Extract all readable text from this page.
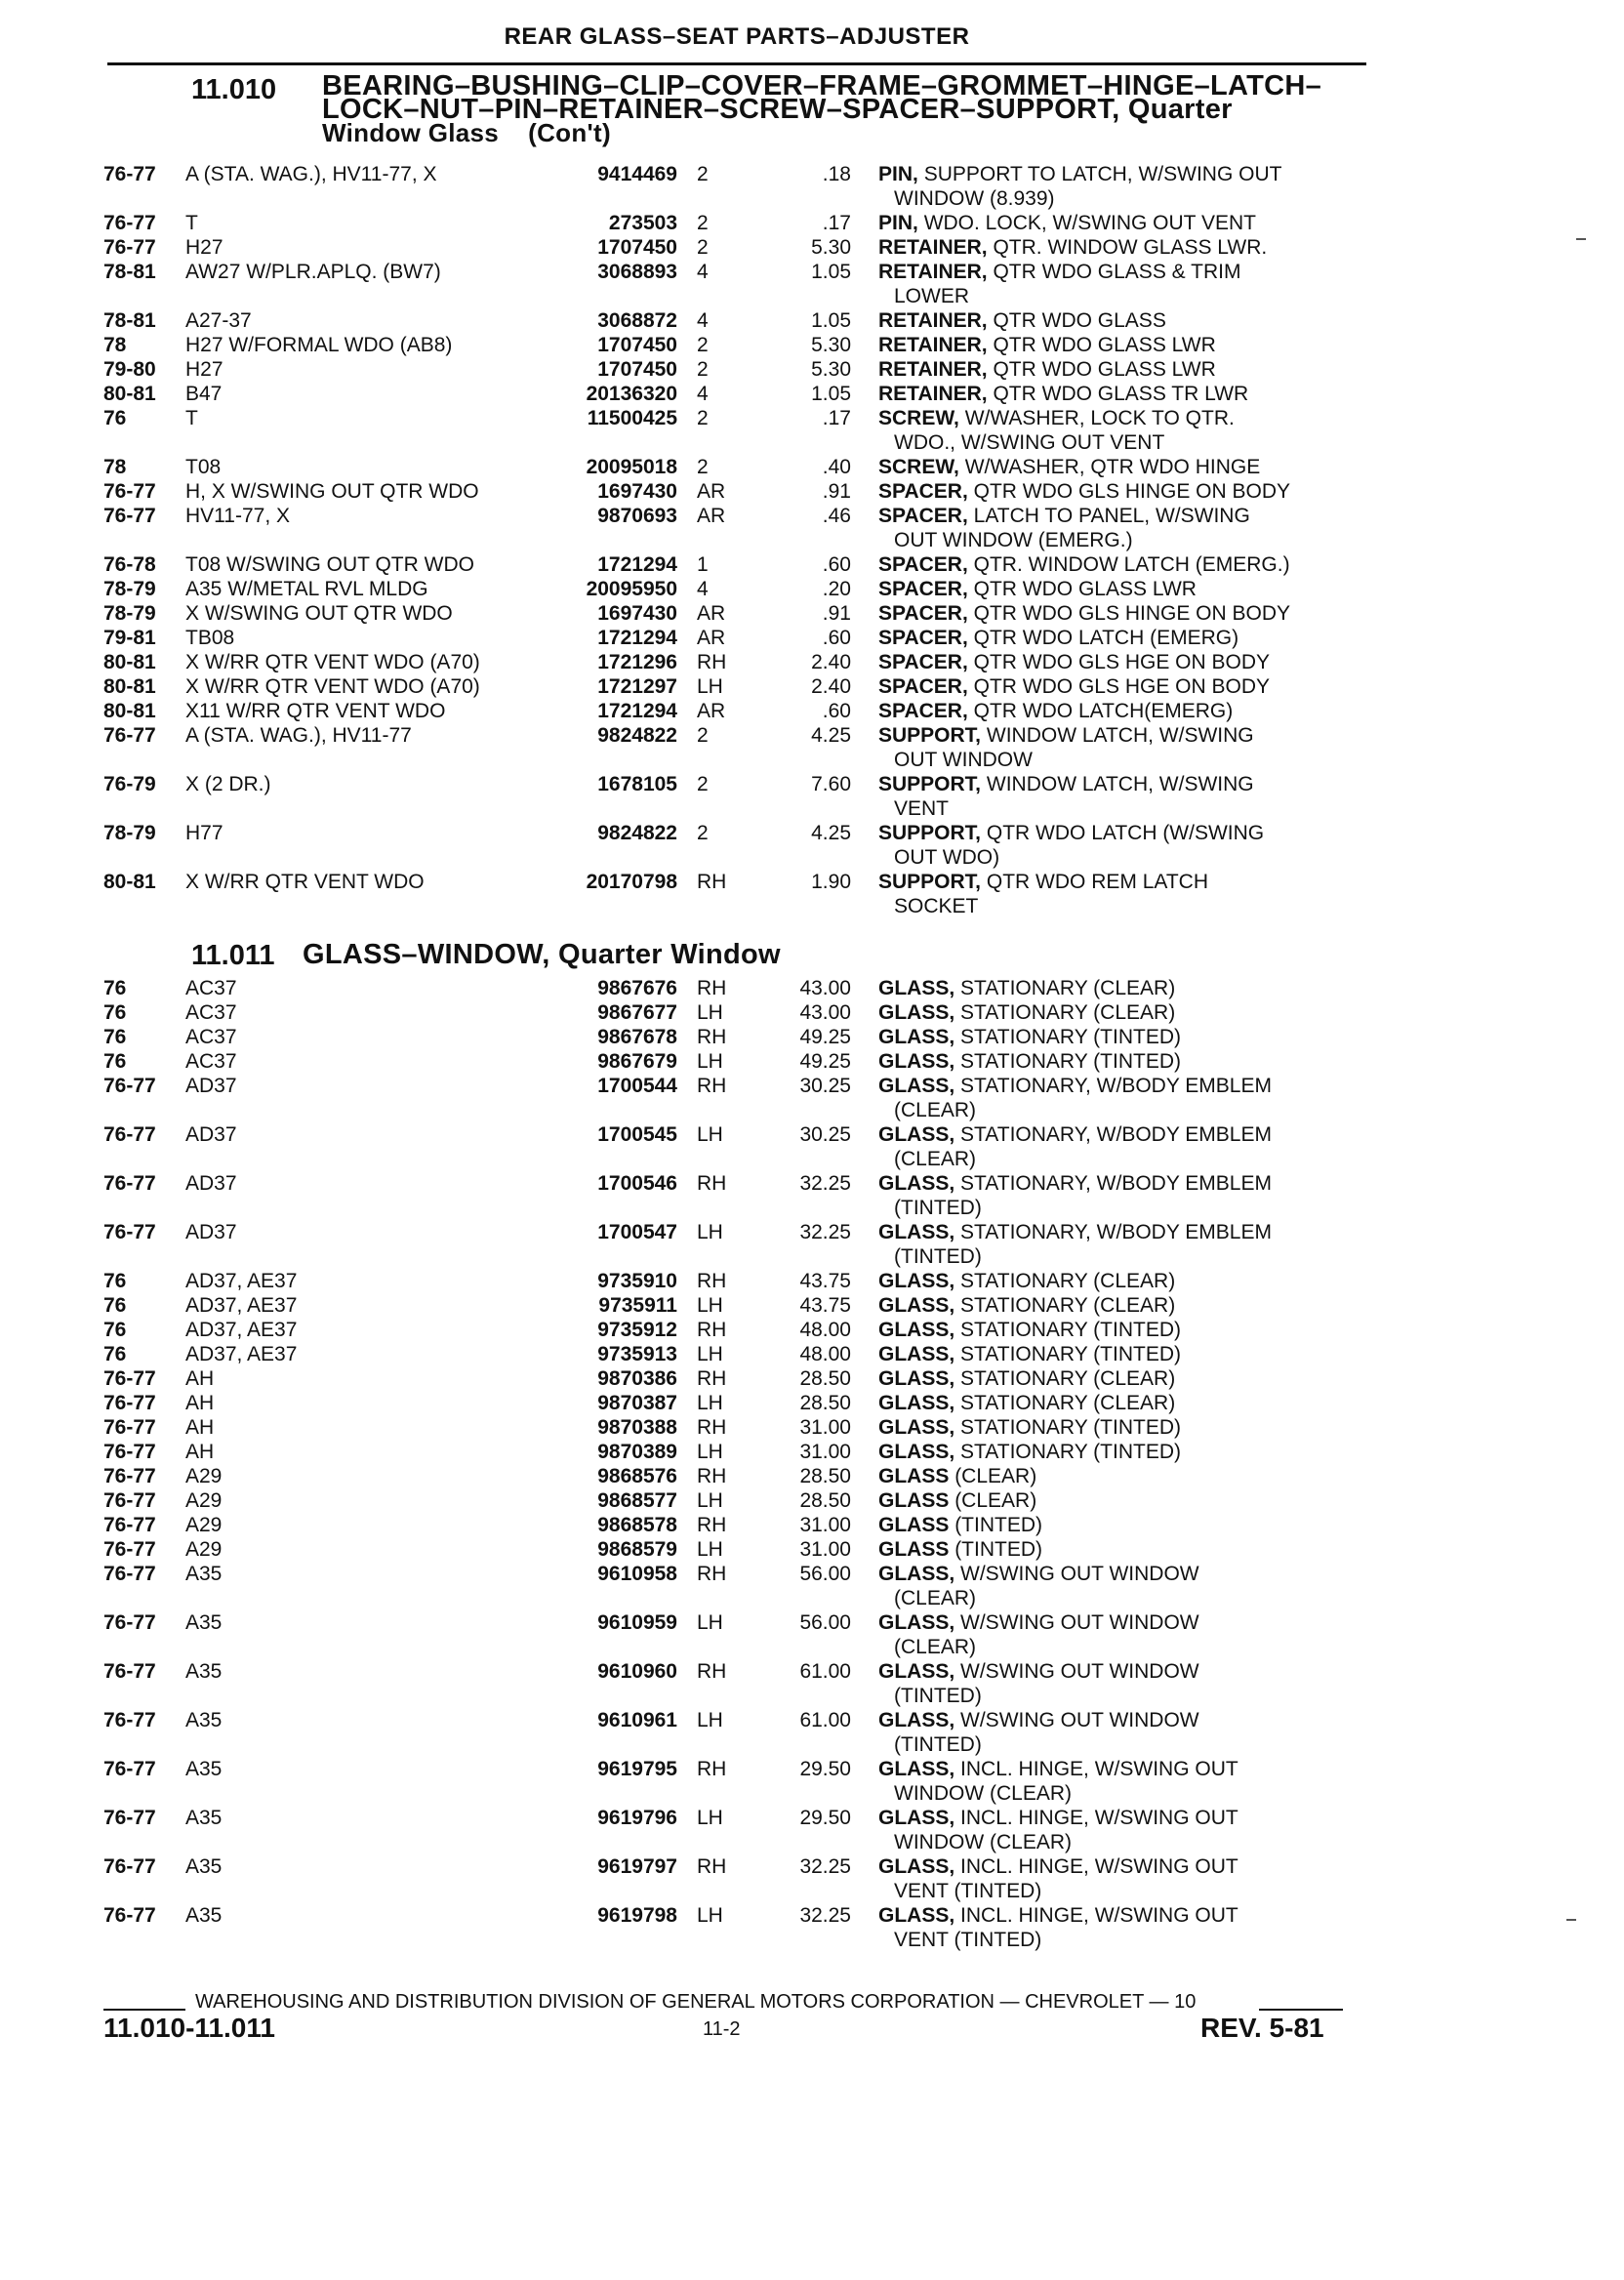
REAR GLASS–SEAT PARTS–ADJUSTER
11.010 BEARING–BUSHING–CLIP–COVER–FRAME–GROMMET–HINGE–LATCH–
LOCK–NUT–PIN–RETAINER–SCREW–SPACER–SUPPORT, Quarter
Window Glass    (Con't)
76-77 A (STA. WAG.), HV11-77, X	9414469 2	.18 PIN, SUPPORT TO LATCH, W/SWING OUT
WINDOW (8.939)
76-77 T	273503 2	.17 PIN, WDO. LOCK, W/SWING OUT VENT
76-77 H27	1707450 2	5.30 RETAINER, QTR. WINDOW GLASS LWR.
78-81 AW27 W/PLR.APLQ. (BW7)	3068893 4	1.05 RETAINER, QTR WDO GLASS & TRIM
LOWER
78-81 A27-37	3068872 4	1.05 RETAINER, QTR WDO GLASS
78	H27 W/FORMAL WDO (AB8)	1707450 2	5.30 RETAINER, QTR WDO GLASS LWR
79-80 H27	1707450 2	5.30 RETAINER, QTR WDO GLASS LWR
80-81 B47	20136320 4	1.05 RETAINER, QTR WDO GLASS TR LWR
76	T	11500425 2	.17 SCREW, W/WASHER, LOCK TO QTR.
WDO., W/SWING OUT VENT
78	T08	20095018 2	.40 SCREW, W/WASHER, QTR WDO HINGE
76-77 H, X W/SWING OUT QTR WDO	1697430 AR	.91 SPACER, QTR WDO GLS HINGE ON BODY
76-77 HV11-77, X	9870693 AR	.46 SPACER, LATCH TO PANEL, W/SWING
OUT WINDOW (EMERG.)
76-78 T08 W/SWING OUT QTR WDO	1721294 1	.60 SPACER, QTR. WINDOW LATCH (EMERG.)
78-79 A35 W/METAL RVL MLDG	20095950 4	.20 SPACER, QTR WDO GLASS LWR
78-79 X W/SWING OUT QTR WDO	1697430 AR	.91 SPACER, QTR WDO GLS HINGE ON BODY
79-81 TB08	1721294 AR	.60 SPACER, QTR WDO LATCH (EMERG)
80-81 X W/RR QTR VENT WDO (A70)	1721296 RH	2.40 SPACER, QTR WDO GLS HGE ON BODY
80-81 X W/RR QTR VENT WDO (A70)	1721297 LH	2.40 SPACER, QTR WDO GLS HGE ON BODY
80-81 X11 W/RR QTR VENT WDO	1721294 AR	.60 SPACER, QTR WDO LATCH(EMERG)
76-77 A (STA. WAG.), HV11-77	9824822 2	4.25 SUPPORT, WINDOW LATCH, W/SWING
OUT WINDOW
76-79 X (2 DR.)	1678105 2	7.60 SUPPORT, WINDOW LATCH, W/SWING
VENT
78-79 H77	9824822 2	4.25 SUPPORT, QTR WDO LATCH (W/SWING
OUT WDO)
80-81 X W/RR QTR VENT WDO	20170798 RH	1.90 SUPPORT, QTR WDO REM LATCH
SOCKET
11.011 GLASS–WINDOW, Quarter Window
76	AC37	9867676 RH	43.00 GLASS, STATIONARY (CLEAR)
76	AC37	9867677 LH	43.00 GLASS, STATIONARY (CLEAR)
76	AC37	9867678 RH	49.25 GLASS, STATIONARY (TINTED)
76	AC37	9867679 LH	49.25 GLASS, STATIONARY (TINTED)
76-77 AD37	1700544 RH	30.25 GLASS, STATIONARY, W/BODY EMBLEM
(CLEAR)
76-77 AD37	1700545 LH	30.25 GLASS, STATIONARY, W/BODY EMBLEM
(CLEAR)
76-77 AD37	1700546 RH	32.25 GLASS, STATIONARY, W/BODY EMBLEM
(TINTED)
76-77 AD37	1700547 LH	32.25 GLASS, STATIONARY, W/BODY EMBLEM
(TINTED)
76	AD37, AE37	9735910 RH	43.75 GLASS, STATIONARY (CLEAR)
76	AD37, AE37	9735911 LH	43.75 GLASS, STATIONARY (CLEAR)
76	AD37, AE37	9735912 RH	48.00 GLASS, STATIONARY (TINTED)
76	AD37, AE37	9735913 LH	48.00 GLASS, STATIONARY (TINTED)
76-77 AH	9870386 RH	28.50 GLASS, STATIONARY (CLEAR)
76-77 AH	9870387 LH	28.50 GLASS, STATIONARY (CLEAR)
76-77 AH	9870388 RH	31.00 GLASS, STATIONARY (TINTED)
76-77 AH	9870389 LH	31.00 GLASS, STATIONARY (TINTED)
76-77 A29	9868576 RH	28.50 GLASS (CLEAR)
76-77 A29	9868577 LH	28.50 GLASS (CLEAR)
76-77 A29	9868578 RH	31.00 GLASS (TINTED)
76-77 A29	9868579 LH	31.00 GLASS (TINTED)
76-77 A35	9610958 RH	56.00 GLASS, W/SWING OUT WINDOW
(CLEAR)
76-77 A35	9610959 LH	56.00 GLASS, W/SWING OUT WINDOW
(CLEAR)
76-77 A35	9610960 RH	61.00 GLASS, W/SWING OUT WINDOW
(TINTED)
76-77 A35	9610961 LH	61.00 GLASS, W/SWING OUT WINDOW
(TINTED)
76-77 A35	9619795 RH	29.50 GLASS, INCL. HINGE, W/SWING OUT
WINDOW (CLEAR)
76-77 A35	9619796 LH	29.50 GLASS, INCL. HINGE, W/SWING OUT
WINDOW (CLEAR)
76-77 A35	9619797 RH	32.25 GLASS, INCL. HINGE, W/SWING OUT
VENT (TINTED)
76-77 A35	9619798 LH	32.25 GLASS, INCL. HINGE, W/SWING OUT
VENT (TINTED)
WAREHOUSING AND DISTRIBUTION DIVISION OF GENERAL MOTORS CORPORATION — CHEVROLET — 10
11.010-11.011	11-2	REV. 5-81
